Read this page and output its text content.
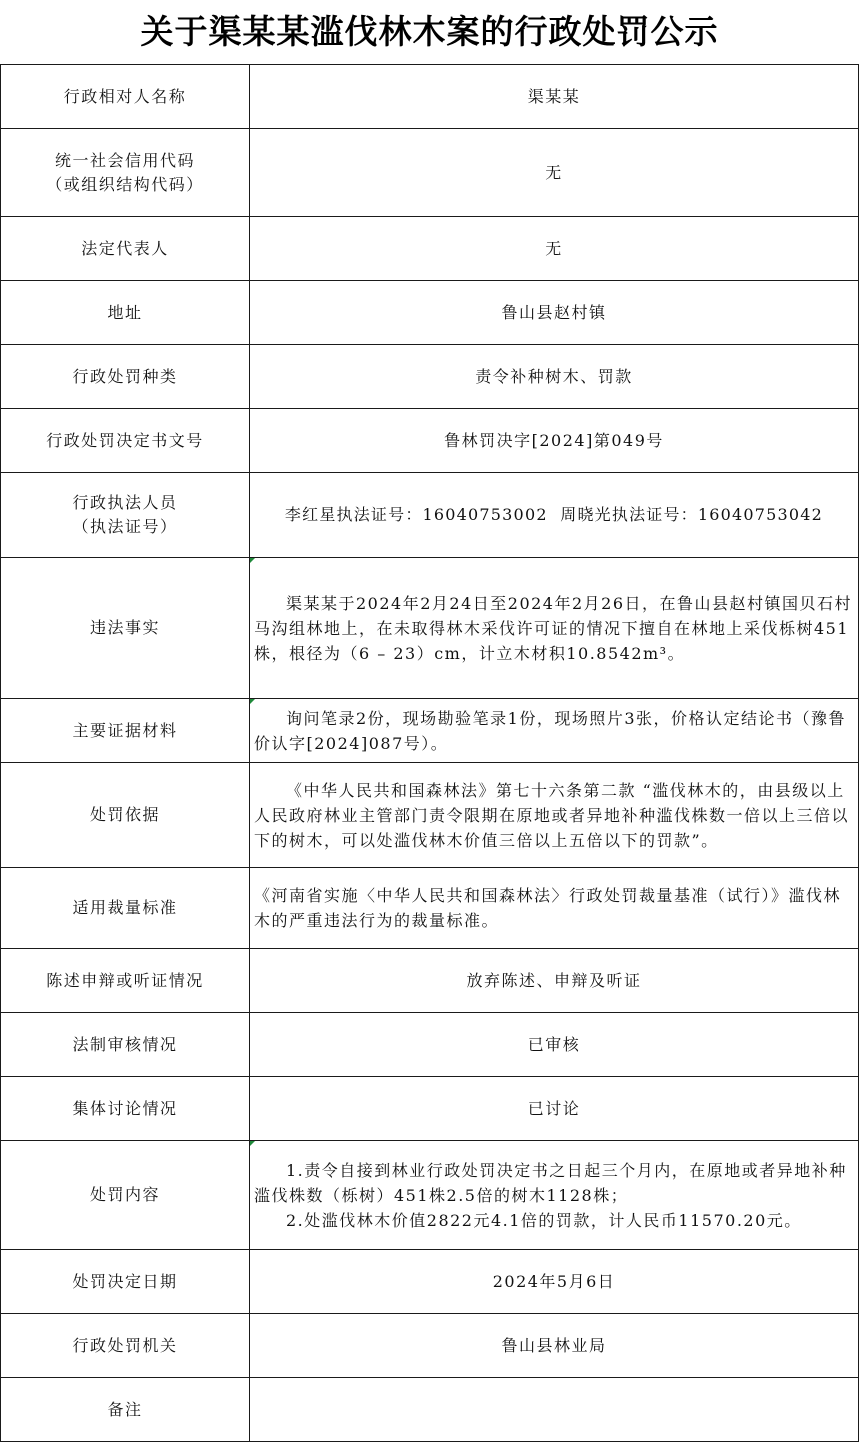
关于渠某某滥伐林木案的行政处罚公示
行政相对人名称	渠某某

统一社会信用代码
（或组织结构代码）	无
法定代表人	无
地址	鲁山县赵村镇
行政处罚种类	责令补种树木、罚款
行政处罚决定书文号	鲁林罚决字[2024]第049号

行政执法人员
（执法证号）	李红星执法证号：16040753002  周晓光执法证号：16040753042
违法事实	渠某某于2024年2月24日至2024年2月26日，在鲁山县赵村镇国贝石村马沟组林地上，在未取得林木采伐许可证的情况下擅自在林地上采伐栎树451株，根径为（6 – 23）cm，计立木材积10.8542m³。

主要证据材料	询问笔录2份，现场勘验笔录1份，现场照片3张，价格认定结论书（豫鲁价认字[2024]087号）。

处罚依据	《中华人民共和国森林法》第七十六条第二款 “滥伐林木的，由县级以上人民政府林业主管部门责令限期在原地或者异地补种滥伐株数一倍以上三倍以下的树木，可以处滥伐林木价值三倍以上五倍以下的罚款”。

适用裁量标准	《河南省实施〈中华人民共和国森林法〉行政处罚裁量基准（试行）》滥伐林木的严重违法行为的裁量标准。
陈述申辩或听证情况	放弃陈述、申辩及听证
法制审核情况	已审核
集体讨论情况	已讨论
处罚内容	1.责令自接到林业行政处罚决定书之日起三个月内，在原地或者异地补种滥伐株数（栎树）451株2.5倍的树木1128株；
2.处滥伐林木价值2822元4.1倍的罚款，计人民币11570.20元。

处罚决定日期	2024年5月6日
行政处罚机关	鲁山县林业局
备注	
